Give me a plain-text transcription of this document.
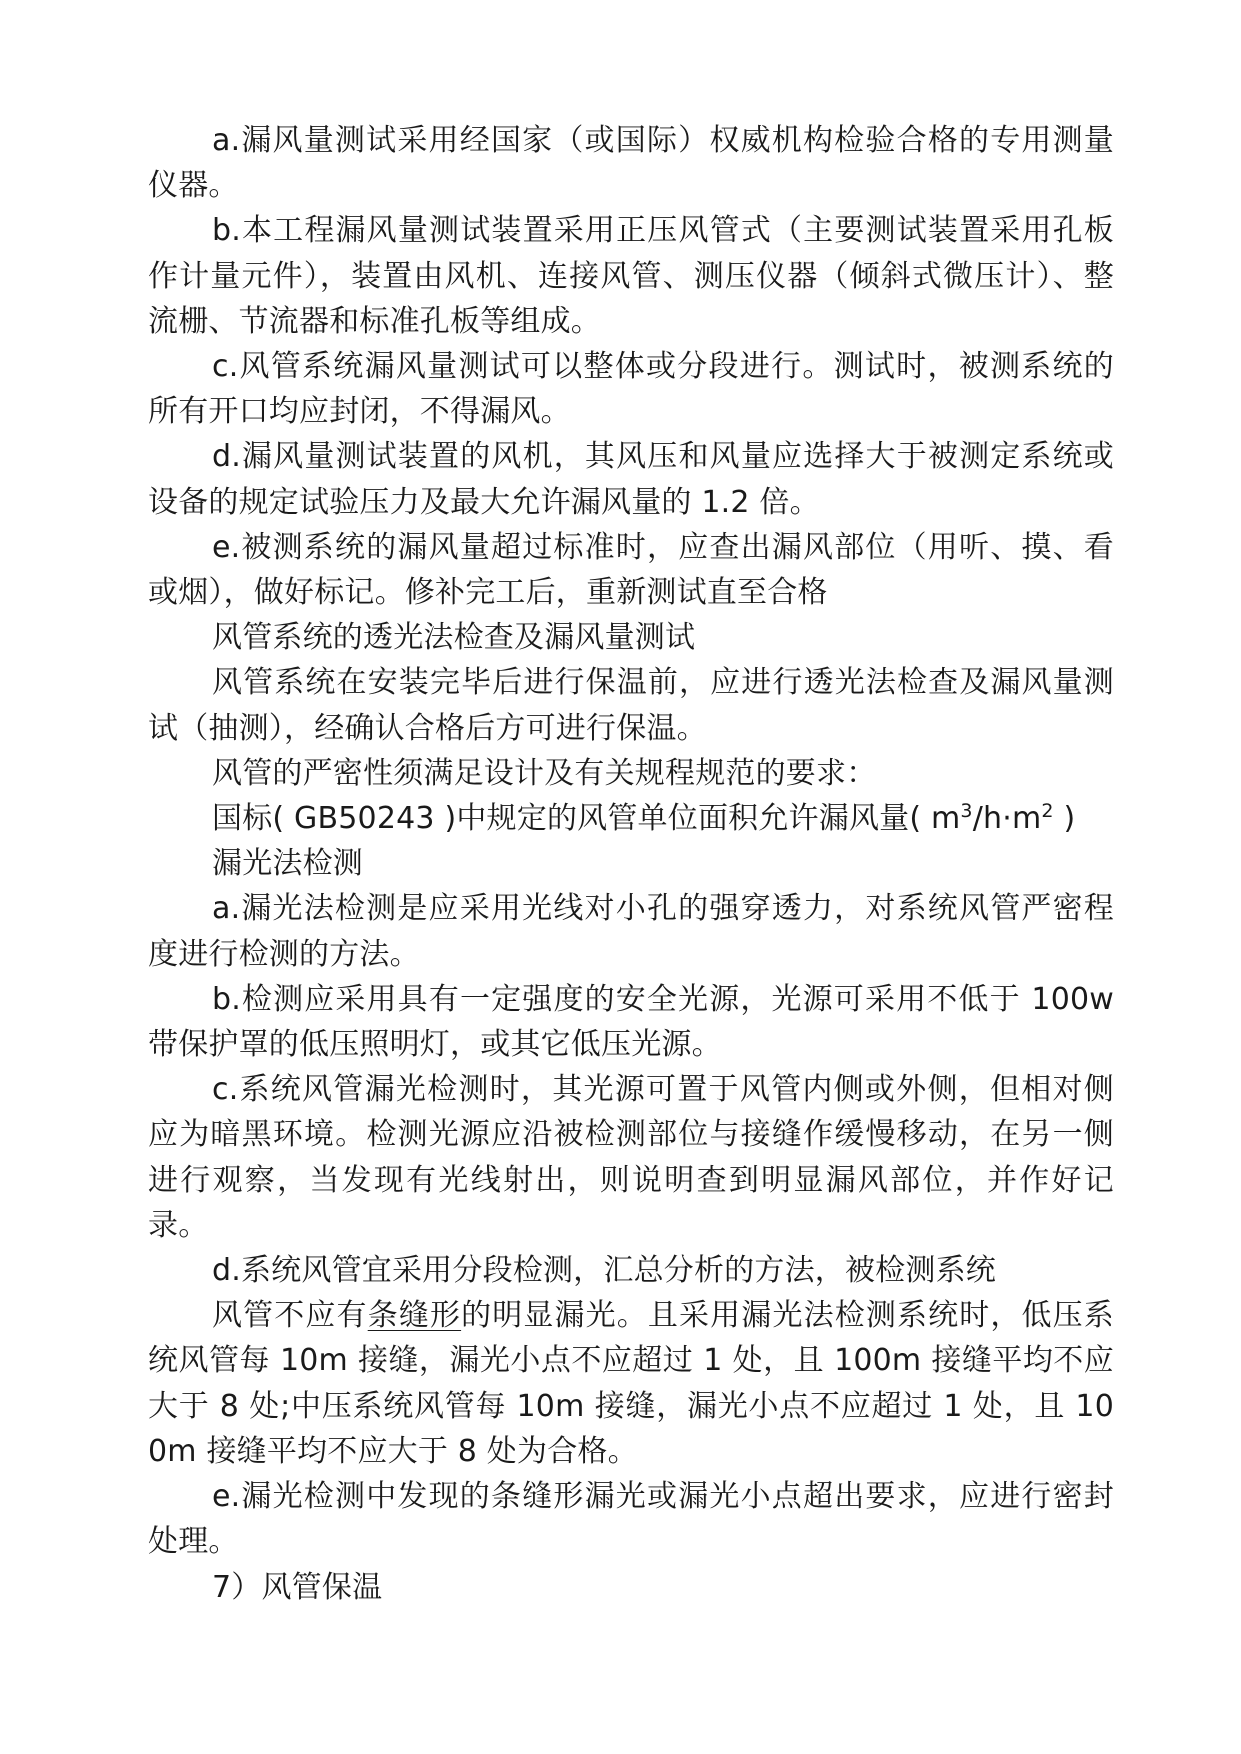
a.漏风量测试采用经国家（或国际）权威机构检验合格的专用测量仪器。

b.本工程漏风量测试装置采用正压风管式（主要测试装置采用孔板作计量元件），装置由风机、连接风管、测压仪器（倾斜式微压计）、整流栅、节流器和标准孔板等组成。

c.风管系统漏风量测试可以整体或分段进行。测试时，被测系统的所有开口均应封闭，不得漏风。

d.漏风量测试装置的风机，其风压和风量应选择大于被测定系统或设备的规定试验压力及最大允许漏风量的 1.2 倍。

e.被测系统的漏风量超过标准时，应查出漏风部位（用听、摸、看或烟），做好标记。修补完工后，重新测试直至合格

风管系统的透光法检查及漏风量测试

风管系统在安装完毕后进行保温前，应进行透光法检查及漏风量测试（抽测），经确认合格后方可进行保温。

风管的严密性须满足设计及有关规程规范的要求：

国标( GB50243 )中规定的风管单位面积允许漏风量( $m^3/h\cdot m^2$ )

漏光法检测

a.漏光法检测是应采用光线对小孔的强穿透力，对系统风管严密程度进行检测的方法。

b.检测应采用具有一定强度的安全光源，光源可采用不低于 100w 带保护罩的低压照明灯，或其它低压光源。

c.系统风管漏光检测时，其光源可置于风管内侧或外侧，但相对侧应为暗黑环境。检测光源应沿被检测部位与接缝作缓慢移动，在另一侧进行观察，当发现有光线射出，则说明查到明显漏风部位，并作好记录。

d.系统风管宜采用分段检测，汇总分析的方法，被检测系统

风管不应有条缝形的明显漏光。且采用漏光法检测系统时，低压系统风管每 10m 接缝，漏光小点不应超过 1 处，且 100m 接缝平均不应大于 8 处;中压系统风管每 10m 接缝，漏光小点不应超过 1 处，且 100m 接缝平均不应大于 8 处为合格。

e.漏光检测中发现的条缝形漏光或漏光小点超出要求，应进行密封处理。

7）风管保温
